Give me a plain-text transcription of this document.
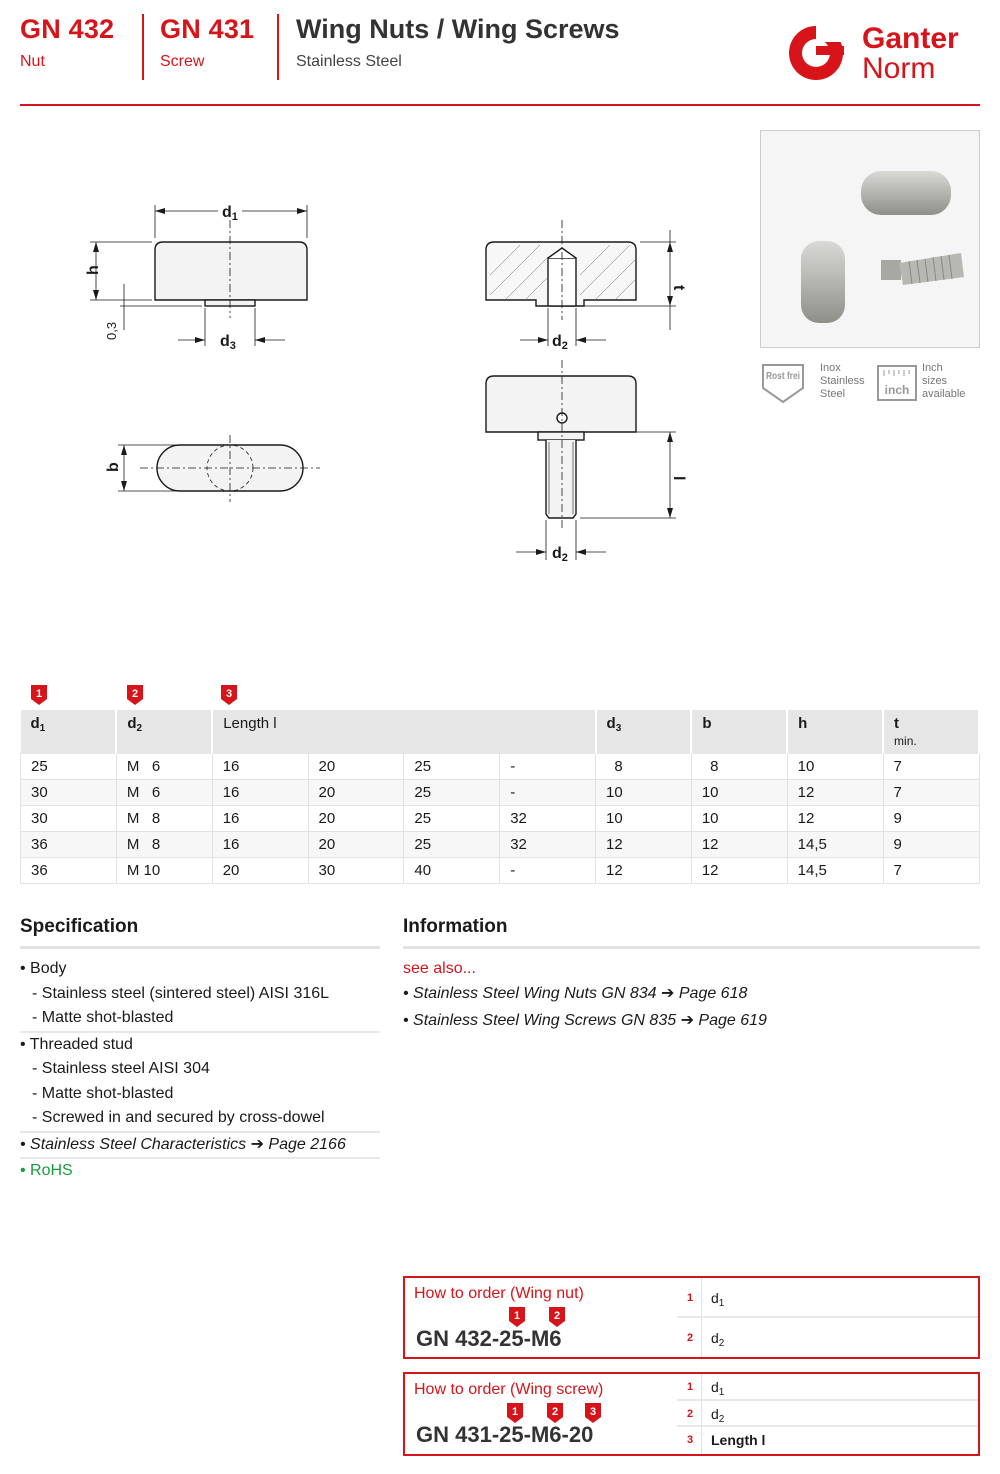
GN 432
Nut
GN 431
Screw
Wing Nuts / Wing Screws
Stainless Steel
Ganter
Norm
d1
d3
h
b
0,3
d2
t
l
d2
Rost frei
Inox
Stainless
Steel	inch
Inch
sizes
available
1	2	3
$d_1$	$d_2$	Length l				$d_3$	b	h	t
min.

25	M   6	16	20	25	-	8	8	10	7
30	M   6	16	20	25	-	10	10	12	7
30	M   8	16	20	25	32	10	10	12	9
36	M   8	16	20	25	32	12	12	14,5	9
36	M 10	20	30	40	-	12	12	14,5	7
Specification
• Body
- Stainless steel (sintered steel) AISI 316L
- Matte shot-blasted
• Threaded stud
- Stainless steel AISI 304
- Matte shot-blasted
- Screwed in and secured by cross-dowel
• Stainless Steel Characteristics ➔ Page 2166
• RoHS
Information
see also...
• Stainless Steel Wing Nuts GN 834 ➔ Page 618
• Stainless Steel Wing Screws GN 835 ➔ Page 619
How to order (Wing nut)
1	2
GN 432-25-M6
1 $d_1$
2 $d_2$
How to order (Wing screw)
1	2	3
GN 431-25-M6-20
1 $d_1$
2 $d_2$
3 Length l
